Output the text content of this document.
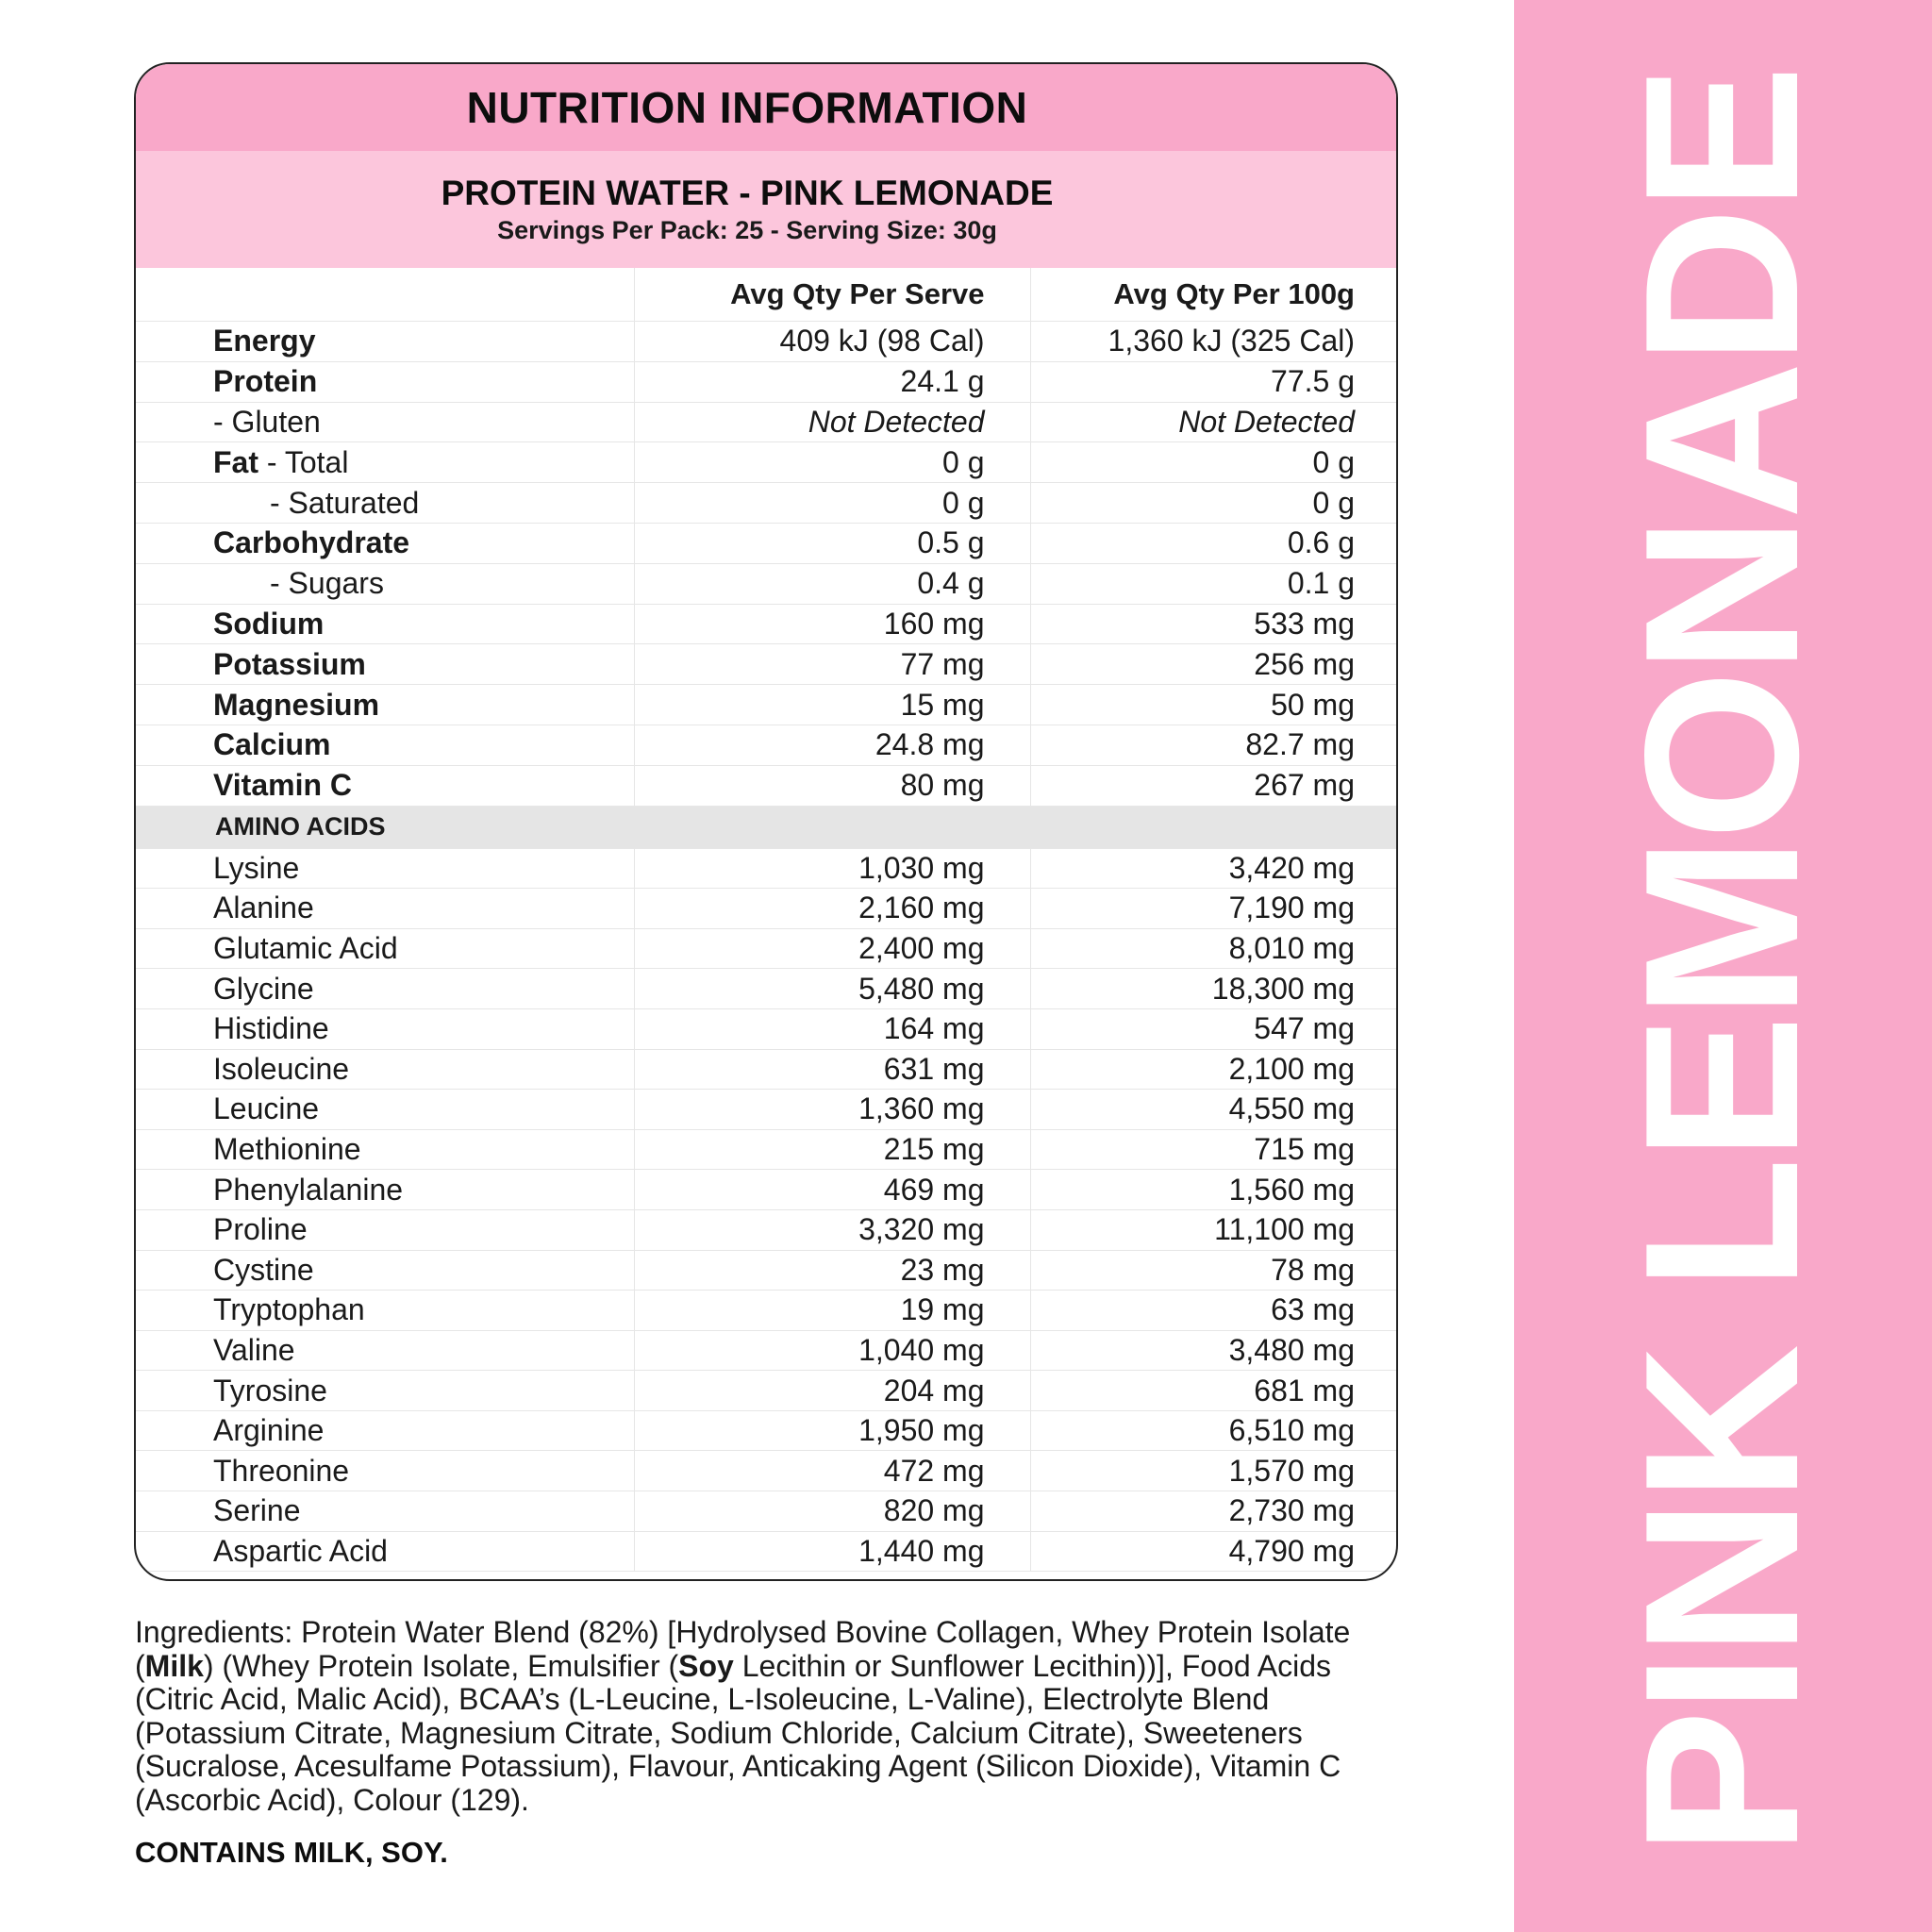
NUTRITION INFORMATION
PROTEIN WATER - PINK LEMONADE
Servings Per Pack: 25 - Serving Size: 30g
	Avg Qty Per Serve	Avg Qty Per 100g
Energy	409 kJ (98 Cal)	1,360 kJ (325 Cal)
Protein	24.1 g	77.5 g
- Gluten	Not Detected	Not Detected
Fat - Total	0 g	0 g
- Saturated	0 g	0 g
Carbohydrate	0.5 g	0.6 g
- Sugars	0.4 g	0.1 g
Sodium	160 mg	533 mg
Potassium	77 mg	256 mg
Magnesium	15 mg	50 mg
Calcium	24.8 mg	82.7 mg
Vitamin C	80 mg	267 mg
AMINO ACIDS		
Lysine	1,030 mg	3,420 mg
Alanine	2,160 mg	7,190 mg
Glutamic Acid	2,400 mg	8,010 mg
Glycine	5,480 mg	18,300 mg
Histidine	164 mg	547 mg
Isoleucine	631 mg	2,100 mg
Leucine	1,360 mg	4,550 mg
Methionine	215 mg	715 mg
Phenylalanine	469 mg	1,560 mg
Proline	3,320 mg	11,100 mg
Cystine	23 mg	78 mg
Tryptophan	19 mg	63 mg
Valine	1,040 mg	3,480 mg
Tyrosine	204 mg	681 mg
Arginine	1,950 mg	6,510 mg
Threonine	472 mg	1,570 mg
Serine	820 mg	2,730 mg
Aspartic Acid	1,440 mg	4,790 mg
Ingredients: Protein Water Blend (82%) [Hydrolysed Bovine Collagen, Whey Protein Isolate (Milk) (Whey Protein Isolate, Emulsifier (Soy Lecithin or Sunflower Lecithin))], Food Acids (Citric Acid, Malic Acid), BCAA’s (L-Leucine, L-Isoleucine, L-Valine), Electrolyte Blend (Potassium Citrate, Magnesium Citrate, Sodium Chloride, Calcium Citrate), Sweeteners (Sucralose, Acesulfame Potassium), Flavour, Anticaking Agent (Silicon Dioxide), Vitamin C (Ascorbic Acid), Colour (129).
CONTAINS MILK, SOY.	PINK LEMONADE
